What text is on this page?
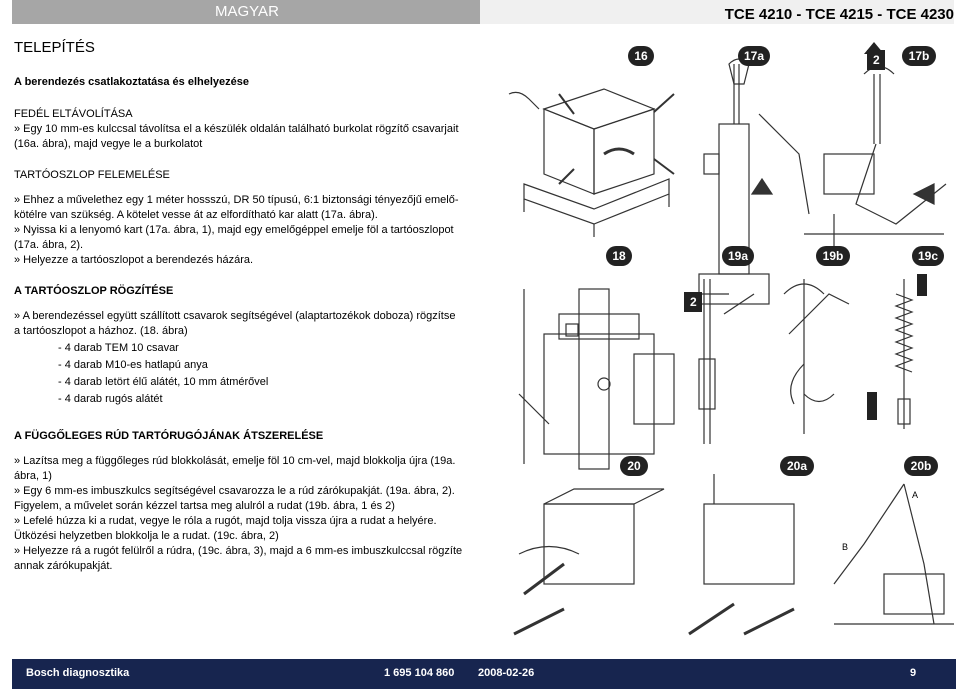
MAGYAR	TCE 4210 - TCE 4215 - TCE 4230

TELEPÍTÉS

A berendezés csatlakoztatása és elhelyezése

FEDÉL ELTÁVOLÍTÁSA

» Egy 10 mm-es kulccsal távolítsa el a készülék oldalán található burkolat rögzítő csavarjait

(16a. ábra), majd vegye le a burkolatot

TARTÓOSZLOP FELEMELÉSE

» Ehhez a művelethez egy 1 méter hossszú, DR 50 típusú, 6:1 biztonsági tényezőjű emelő-

kötélre van szükség. A kötelet vesse át az elfordítható kar alatt (17a. ábra).

» Nyissa ki a lenyomó kart (17a. ábra, 1), majd egy emelőgéppel emelje föl a tartóoszlopot

(17a. ábra, 2).

» Helyezze a tartóoszlopot a berendezés házára.

A TARTÓOSZLOP RÖGZÍTÉSE

» A berendezéssel együtt szállított csavarok segítségével (alaptartozékok doboza) rögzítse

a tartóoszlopot a házhoz. (18. ábra)

- 4 darab TEM 10 csavar

- 4 darab M10-es hatlapú anya

- 4 darab letört élű alátét, 10 mm átmérővel

- 4 darab rugós alátét

A FÜGGŐLEGES RÚD TARTÓRUGÓJÁNAK ÁTSZERELÉSE

» Lazítsa meg a függőleges rúd blokkolását, emelje föl 10 cm-vel, majd blokkolja újra (19a.

ábra, 1)

» Egy 6 mm-es imbuszkulcs segítségével csavarozza le a rúd zárókupakját. (19a. ábra, 2).

Figyelem, a művelet során kézzel tartsa meg alulról a rudat (19b. ábra, 1 és 2)

» Lefelé húzza ki a rudat, vegye le róla a rugót, majd tolja vissza újra a rudat a helyére.

Ütközési helyzetben blokkolja le a rudat. (19c. ábra, 2)

» Helyezze rá a rugót felülről a rúdra, (19c. ábra, 3), majd a 6 mm-es imbuszkulccsal rögzíte

annak zárókupakját.

16	17a	2	17b
18	19a
2
19b	19c
20	20a	20b
A
B
Bosch diagnosztika	1 695 104 860 2008-02-26	9
